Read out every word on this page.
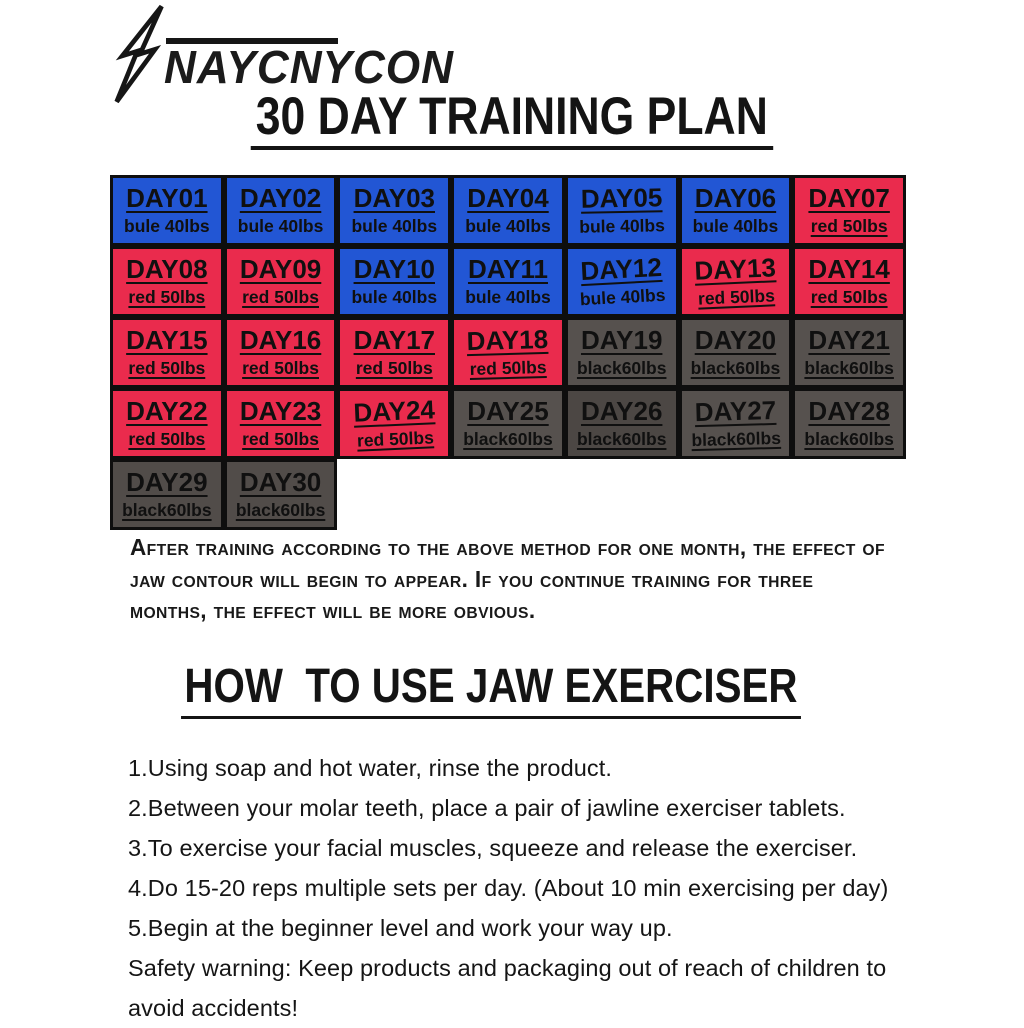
NAYCNYCON
30 DAY TRAINING PLAN
DAY01
bule 40lbs
DAY02
bule 40lbs
DAY03
bule 40lbs
DAY04
bule 40lbs
DAY05
bule 40lbs
DAY06
bule 40lbs
DAY07
red 50lbs
DAY08
red 50lbs
DAY09
red 50lbs
DAY10
bule 40lbs
DAY11
bule 40lbs
DAY12
bule 40lbs
DAY13
red 50lbs
DAY14
red 50lbs
DAY15
red 50lbs
DAY16
red 50lbs
DAY17
red 50lbs
DAY18
red 50lbs
DAY19
black60lbs
DAY20
black60lbs
DAY21
black60lbs
DAY22
red 50lbs
DAY23
red 50lbs
DAY24
red 50lbs
DAY25
black60lbs
DAY26
black60lbs
DAY27
black60lbs
DAY28
black60lbs
DAY29
black60lbs
DAY30
black60lbs
After training according to the above method for one month, the effect of jaw contour will begin to appear. If you continue training for three months, the effect will be more obvious.
HOW  TO USE JAW EXERCISER
1.Using soap and hot water, rinse the product.
2.Between your molar teeth, place a pair of jawline exerciser tablets.
3.To exercise your facial muscles, squeeze and release the exerciser.
4.Do 15-20 reps multiple sets per day. (About 10 min exercising per day)
5.Begin at the beginner level and work your way up.
Safety warning: Keep products and packaging out of reach of children to avoid accidents!
